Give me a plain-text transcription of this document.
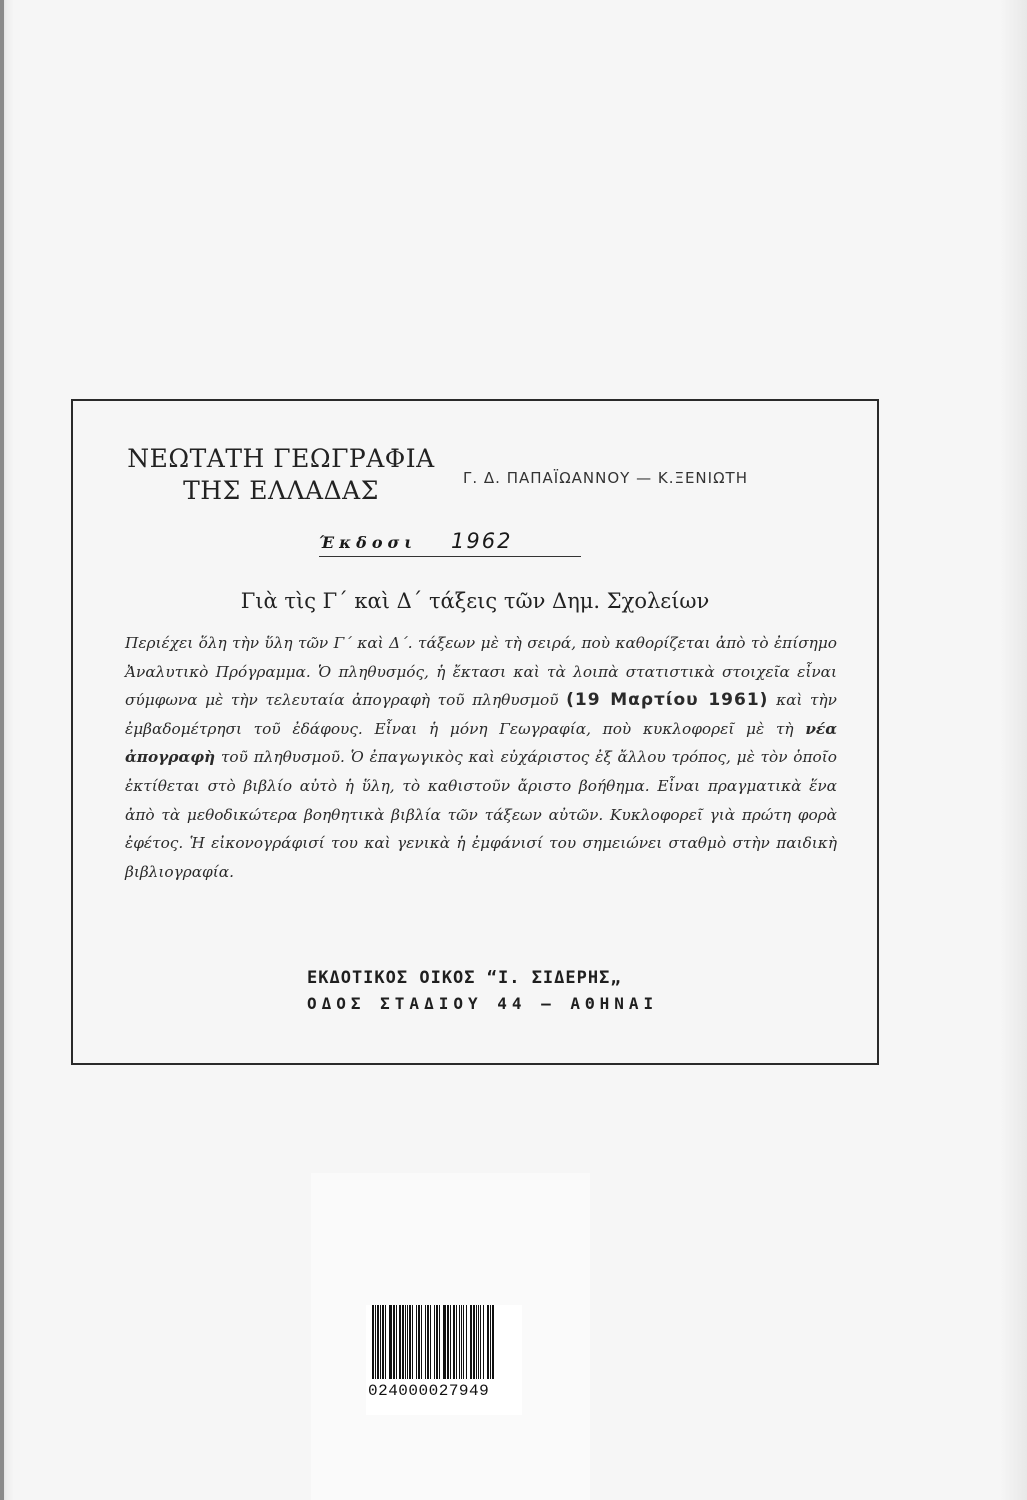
ΝΕΩΤΑΤΗ ΓΕΩΓΡΑΦΙΑ
ΤΗΣ ΕΛΛΑΔΑΣ	Γ. Δ. ΠΑΠΑΪΩΑΝΝΟΥ — Κ.ΞΕΝΙΩΤΗ
Έκδοσι 1962
Γιὰ τὶς Γ΄ καὶ Δ΄ τάξεις τῶν Δημ. Σχολείων
Περιέχει ὅλη τὴν ὕλη τῶν Γ΄ καὶ Δ΄. τάξεων μὲ τὴ σειρά, ποὺ καθορίζεται ἀπὸ τὸ ἐπίσημο Ἀναλυτικὸ Πρόγραμμα. Ὁ πληθυσμός, ἡ ἔκτασι καὶ τὰ λοιπὰ στατιστικὰ στοιχεῖα εἶναι σύμφωνα μὲ τὴν τελευταία ἀπογραφὴ τοῦ πληθυσμοῦ (19 Μαρτίου 1961) καὶ τὴν ἐμβαδομέτρησι τοῦ ἐδάφους. Εἶναι ἡ μόνη Γεωγραφία, ποὺ κυκλοφορεῖ μὲ τὴ νέα ἀπογραφὴ τοῦ πληθυσμοῦ. Ὁ ἐπαγωγικὸς καὶ εὐχάριστος ἐξ ἄλλου τρόπος, μὲ τὸν ὁποῖο ἐκτίθεται στὸ βιβλίο αὐτὸ ἡ ὕλη, τὸ καθιστοῦν ἄριστο βοήθημα. Εἶναι πραγματικὰ ἕνα ἀπὸ τὰ μεθοδικώτερα βοηθητικὰ βιβλία τῶν τάξεων αὐτῶν. Κυκλοφορεῖ γιὰ πρώτη φορὰ ἐφέτος. Ἡ εἰκονογράφισί του καὶ γενικὰ ἡ ἐμφάνισί του σημειώνει σταθμὸ στὴν παιδικὴ βιβλιογραφία.
ΕΚΔΟΤΙΚΟΣ ΟΙΚΟΣ “Ι. ΣΙΔΕΡΗΣ„
ΟΔΟΣ ΣΤΑΔΙΟΥ 44 — ΑΘΗΝΑΙ
024000027949
